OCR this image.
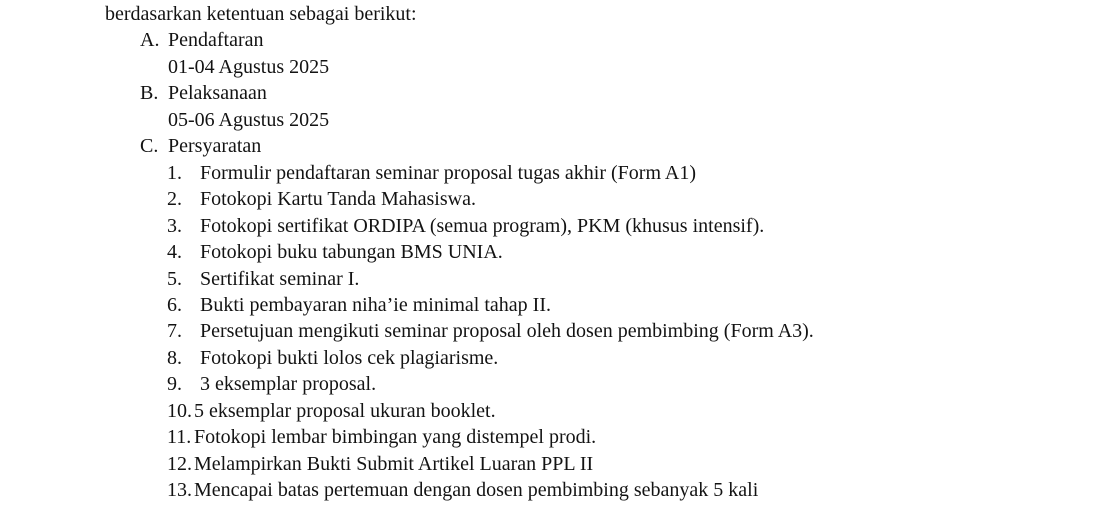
berdasarkan ketentuan sebagai berikut:
A. Pendaftaran
01-04 Agustus 2025
B. Pelaksanaan
05-06 Agustus 2025
C. Persyaratan
1. Formulir pendaftaran seminar proposal tugas akhir (Form A1)
2. Fotokopi Kartu Tanda Mahasiswa.
3. Fotokopi sertifikat ORDIPA (semua program), PKM (khusus intensif).
4. Fotokopi buku tabungan BMS UNIA.
5. Sertifikat seminar I.
6. Bukti pembayaran niha’ie minimal tahap II.
7. Persetujuan mengikuti seminar proposal oleh dosen pembimbing (Form A3).
8. Fotokopi bukti lolos cek plagiarisme.
9. 3 eksemplar proposal.
10. 5 eksemplar proposal ukuran booklet.
11. Fotokopi lembar bimbingan yang distempel prodi.
12. Melampirkan Bukti Submit Artikel Luaran PPL II
13. Mencapai batas pertemuan dengan dosen pembimbing sebanyak 5 kali
